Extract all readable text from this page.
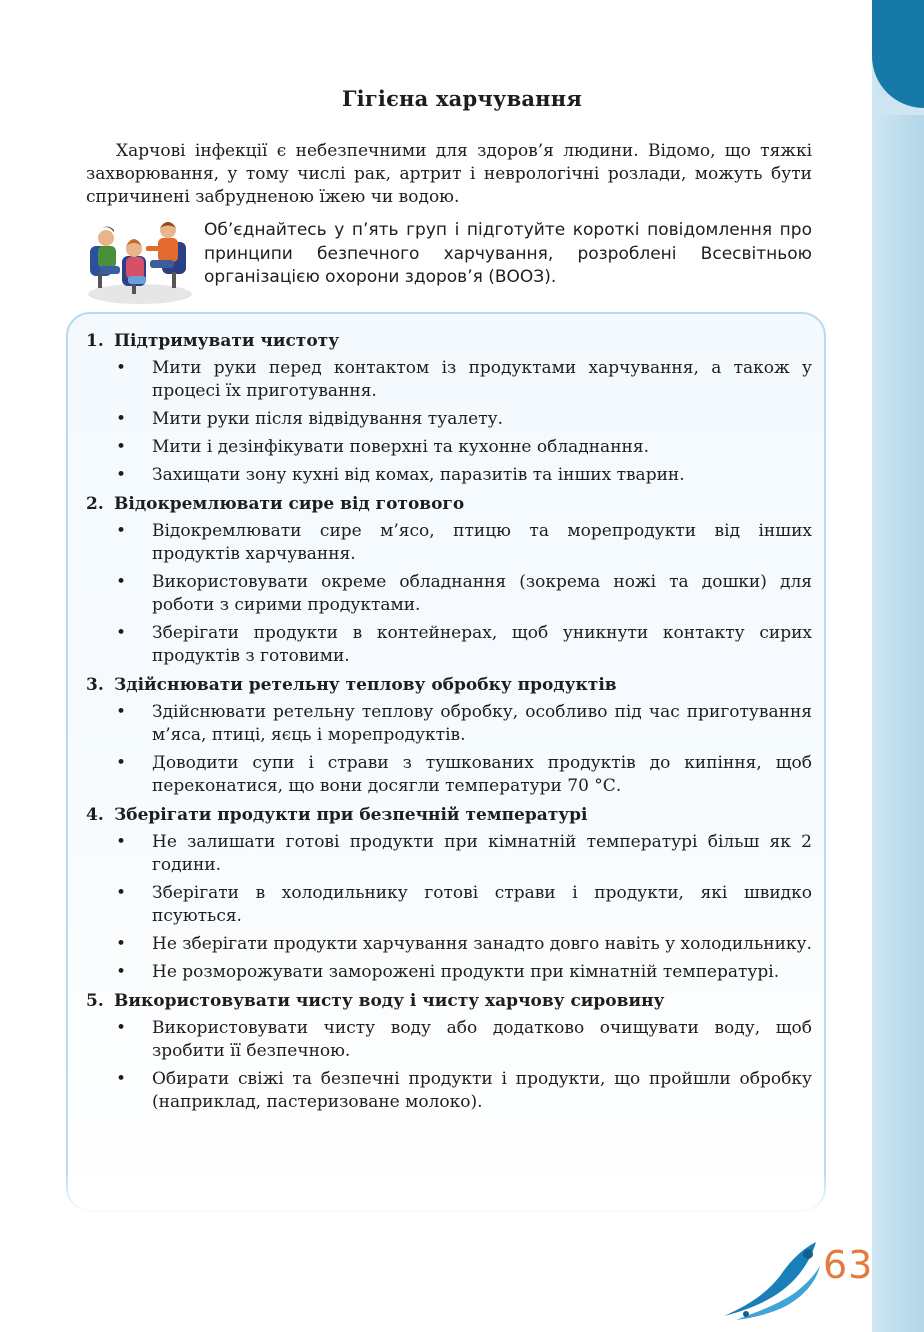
Гігієна харчування

Харчові інфекції є небезпечними для здоров’я людини. Відомо, що тяжкі захворювання, у тому числі рак, артрит і неврологічні розлади, можуть бути спричинені забрудненою їжею чи водою.

Об’єднайтесь у п’ять груп і підготуйте короткі повідомлення про принципи безпечного харчування, розроблені Всесвітньою організацією охорони здоров’я (ВООЗ).

1. Підтримувати чистоту
• Мити руки перед контактом із продуктами харчування, а також у процесі їх приготування.
• Мити руки після відвідування туалету.
• Мити і дезінфікувати поверхні та кухонне обладнання.
• Захищати зону кухні від комах, паразитів та інших тварин.
2. Відокремлювати сире від готового
• Відокремлювати сире м’ясо, птицю та морепродукти від інших продуктів харчування.
• Використовувати окреме обладнання (зокрема ножі та дошки) для роботи з сирими продуктами.
• Зберігати продукти в контейнерах, щоб уникнути контакту сирих продуктів з готовими.
3. Здійснювати ретельну теплову обробку продуктів
• Здійснювати ретельну теплову обробку, особливо під час приготування м’яса, птиці, яєць і морепродуктів.
• Доводити супи і страви з тушкованих продуктів до кипіння, щоб переконатися, що вони досягли температури 70 °С.
4. Зберігати продукти при безпечній температурі
• Не залишати готові продукти при кімнатній температурі більш як 2 години.
• Зберігати в холодильнику готові страви і продукти, які швидко псуються.
• Не зберігати продукти харчування занадто довго навіть у холодильнику.
• Не розморожувати заморожені продукти при кімнатній температурі.
5. Використовувати чисту воду і чисту харчову сировину
• Використовувати чисту воду або додатково очищувати воду, щоб зробити її безпечною.
• Обирати свіжі та безпечні продукти і продукти, що пройшли обробку (наприклад, пастеризоване молоко).
63
